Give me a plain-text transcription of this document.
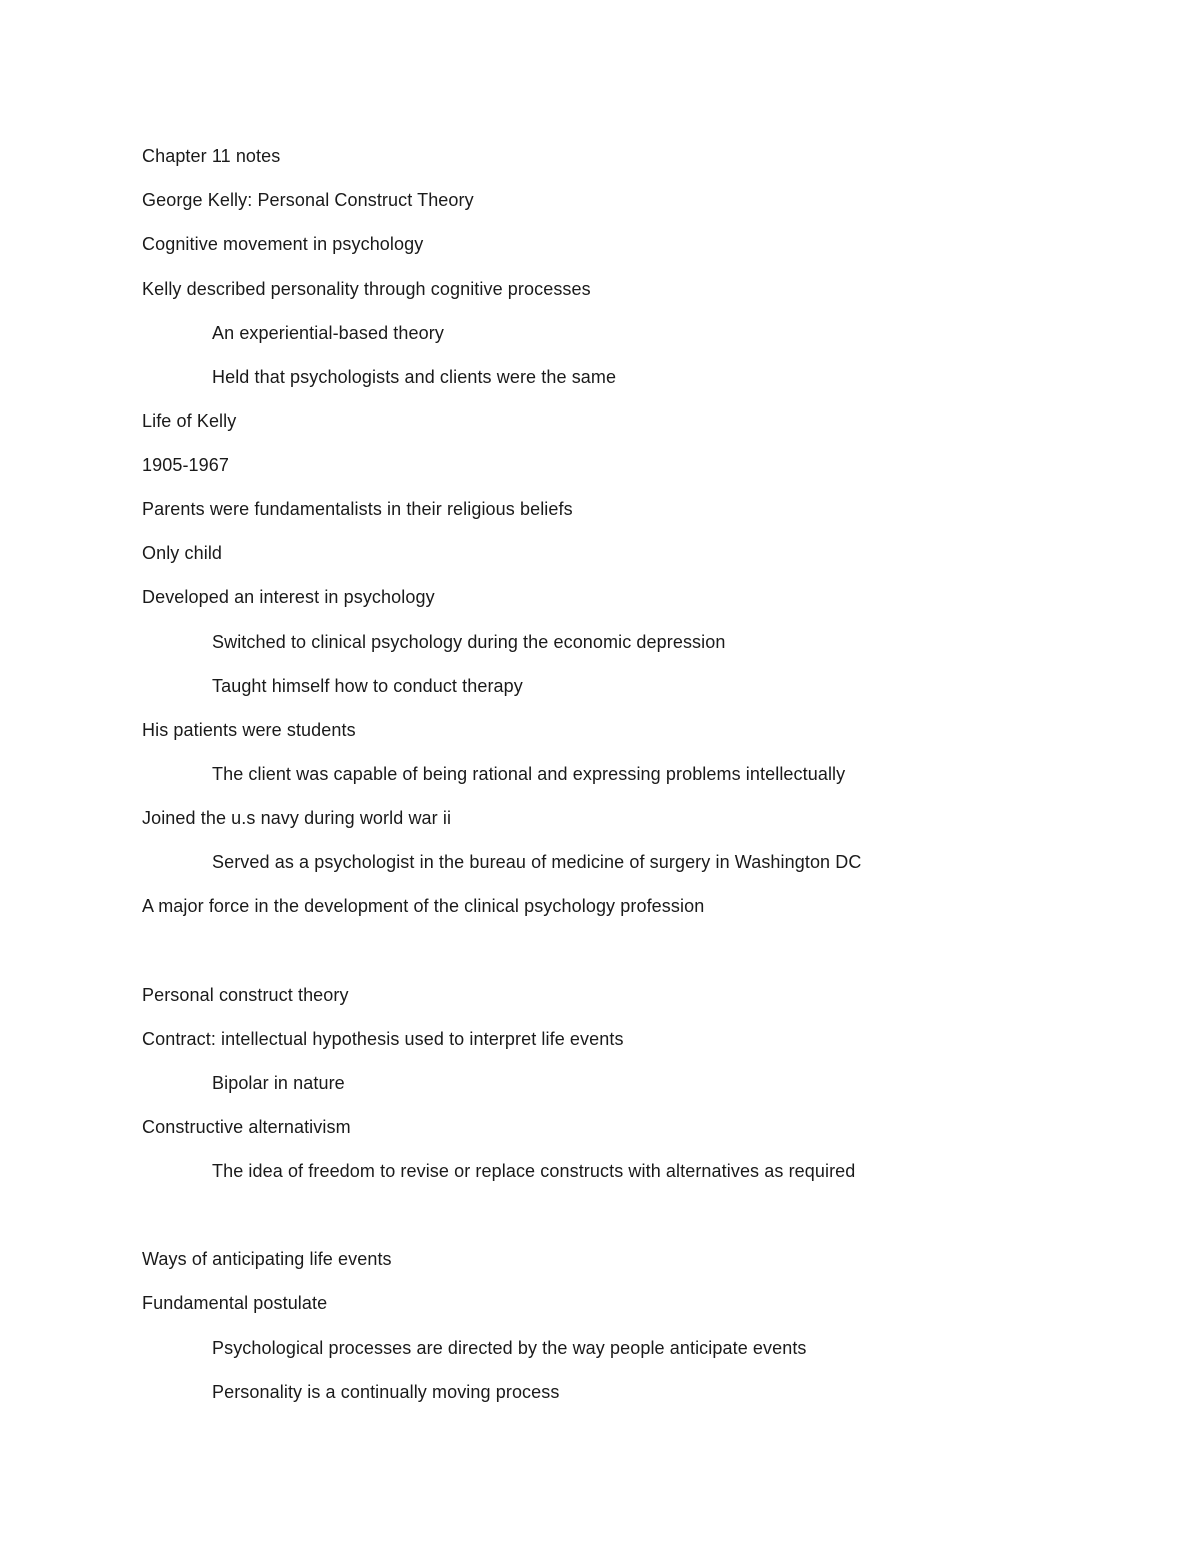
Chapter 11 notes
George Kelly: Personal Construct Theory
Cognitive movement in psychology
Kelly described personality through cognitive processes
An experiential-based theory
Held that psychologists and clients were the same
Life of Kelly
1905-1967
Parents were fundamentalists in their religious beliefs
Only child
Developed an interest in psychology
Switched to clinical psychology during the economic depression
Taught himself how to conduct therapy
His patients were students
The client was capable of being rational and expressing problems intellectually
Joined the u.s navy during world war ii
Served as a psychologist in the bureau of medicine of surgery in Washington DC
A major force in the development of the clinical psychology profession
Personal construct theory
Contract: intellectual hypothesis used to interpret life events
Bipolar in nature
Constructive alternativism
The idea of freedom to revise or replace constructs with alternatives as required
Ways of anticipating life events
Fundamental postulate
Psychological processes are directed by the way people anticipate events
Personality is a continually moving process
